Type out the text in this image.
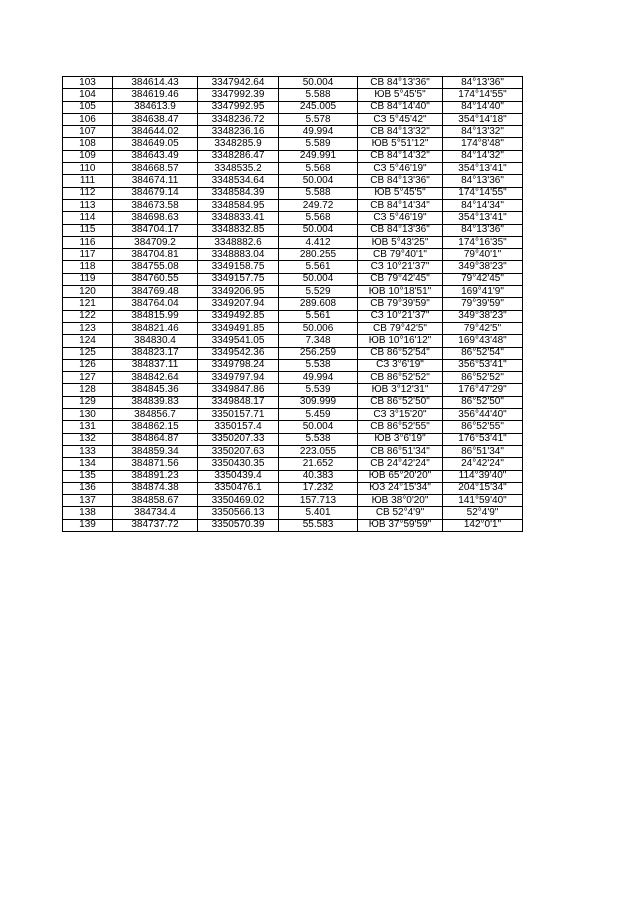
103	384614.43	3347942.64	50.004	СВ 84°13'36"	84°13'36"
104	384619.46	3347992.39	5.588	ЮВ 5°45'5"	174°14'55"
105	384613.9	3347992.95	245.005	СВ 84°14'40"	84°14'40"
106	384638.47	3348236.72	5.578	СЗ 5°45'42"	354°14'18"
107	384644.02	3348236.16	49.994	СВ 84°13'32"	84°13'32"
108	384649.05	3348285.9	5.589	ЮВ 5°51'12"	174°8'48"
109	384643.49	3348286.47	249.991	СВ 84°14'32"	84°14'32"
110	384668.57	3348535.2	5.568	СЗ 5°46'19"	354°13'41"
111	384674.11	3348534.64	50.004	СВ 84°13'36"	84°13'36"
112	384679.14	3348584.39	5.588	ЮВ 5°45'5"	174°14'55"
113	384673.58	3348584.95	249.72	СВ 84°14'34"	84°14'34"
114	384698.63	3348833.41	5.568	СЗ 5°46'19"	354°13'41"
115	384704.17	3348832.85	50.004	СВ 84°13'36"	84°13'36"
116	384709.2	3348882.6	4.412	ЮВ 5°43'25"	174°16'35"
117	384704.81	3348883.04	280.255	СВ 79°40'1"	79°40'1"
118	384755.08	3349158.75	5.561	СЗ 10°21'37"	349°38'23"
119	384760.55	3349157.75	50.004	СВ 79°42'45"	79°42'45"
120	384769.48	3349206.95	5.529	ЮВ 10°18'51"	169°41'9"
121	384764.04	3349207.94	289.608	СВ 79°39'59"	79°39'59"
122	384815.99	3349492.85	5.561	СЗ 10°21'37"	349°38'23"
123	384821.46	3349491.85	50.006	СВ 79°42'5"	79°42'5"
124	384830.4	3349541.05	7.348	ЮВ 10°16'12"	169°43'48"
125	384823.17	3349542.36	256.259	СВ 86°52'54"	86°52'54"
126	384837.11	3349798.24	5.538	СЗ 3°6'19"	356°53'41"
127	384842.64	3349797.94	49.994	СВ 86°52'52"	86°52'52"
128	384845.36	3349847.86	5.539	ЮВ 3°12'31"	176°47'29"
129	384839.83	3349848.17	309.999	СВ 86°52'50"	86°52'50"
130	384856.7	3350157.71	5.459	СЗ 3°15'20"	356°44'40"
131	384862.15	3350157.4	50.004	СВ 86°52'55"	86°52'55"
132	384864.87	3350207.33	5.538	ЮВ 3°6'19"	176°53'41"
133	384859.34	3350207.63	223.055	СВ 86°51'34"	86°51'34"
134	384871.56	3350430.35	21.652	СВ 24°42'24"	24°42'24"
135	384891.23	3350439.4	40.383	ЮВ 65°20'20"	114°39'40"
136	384874.38	3350476.1	17.232	ЮЗ 24°15'34"	204°15'34"
137	384858.67	3350469.02	157.713	ЮВ 38°0'20"	141°59'40"
138	384734.4	3350566.13	5.401	СВ 52°4'9"	52°4'9"
139	384737.72	3350570.39	55.583	ЮВ 37°59'59"	142°0'1"
